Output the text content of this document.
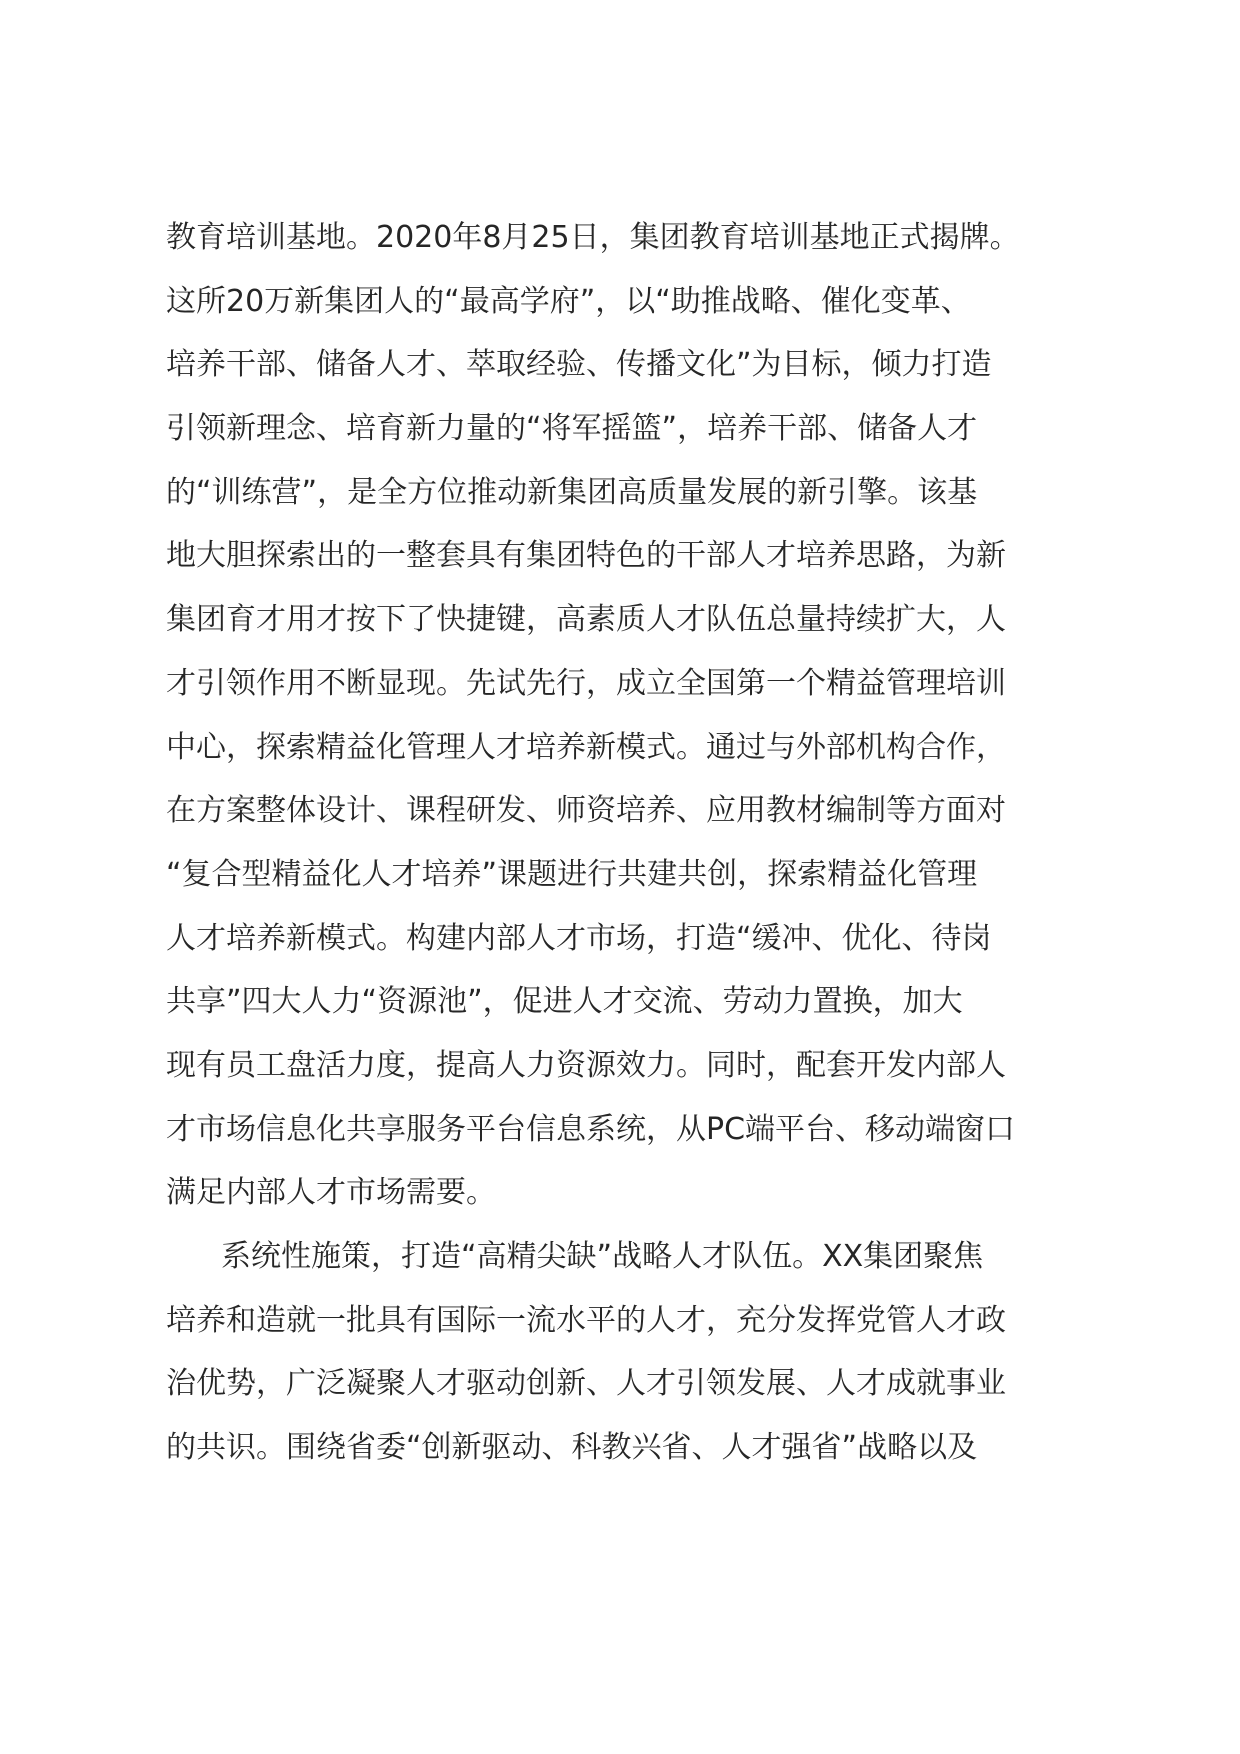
教育培训基地。2020年8月25日，集团教育培训基地正式揭牌。
这所20万新集团人的“最高学府”，以“助推战略、催化变革、
培养干部、储备人才、萃取经验、传播文化”为目标，倾力打造
引领新理念、培育新力量的“将军摇篮”，培养干部、储备人才
的“训练营”，是全方位推动新集团高质量发展的新引擎。该基
地大胆探索出的一整套具有集团特色的干部人才培养思路，为新
集团育才用才按下了快捷键，高素质人才队伍总量持续扩大，人
才引领作用不断显现。先试先行，成立全国第一个精益管理培训
中心，探索精益化管理人才培养新模式。通过与外部机构合作，
在方案整体设计、课程研发、师资培养、应用教材编制等方面对
“复合型精益化人才培养”课题进行共建共创，探索精益化管理
人才培养新模式。构建内部人才市场，打造“缓冲、优化、待岗
共享”四大人力“资源池”，促进人才交流、劳动力置换，加大
现有员工盘活力度，提高人力资源效力。同时，配套开发内部人
才市场信息化共享服务平台信息系统，从PC端平台、移动端窗口
满足内部人才市场需要。
系统性施策，打造“高精尖缺”战略人才队伍。XX集团聚焦
培养和造就一批具有国际一流水平的人才，充分发挥党管人才政
治优势，广泛凝聚人才驱动创新、人才引领发展、人才成就事业
的共识。围绕省委“创新驱动、科教兴省、人才强省”战略以及
